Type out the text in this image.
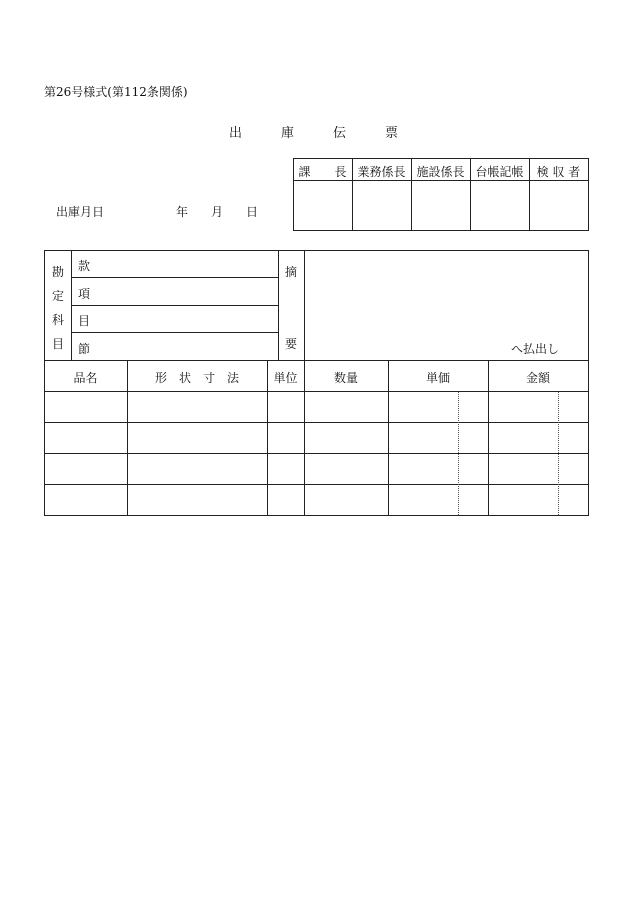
第26号様式(第112条関係)
出　　　庫　　　伝　　　票
出庫月日	年 月 日
課　　長 業務係長 施設係長 台帳記帳	検 収 者
勘
定
科
目
款
項
目
節
摘
要	へ払出し
品名	形　状　寸　法	単位	数量	単価	金額
